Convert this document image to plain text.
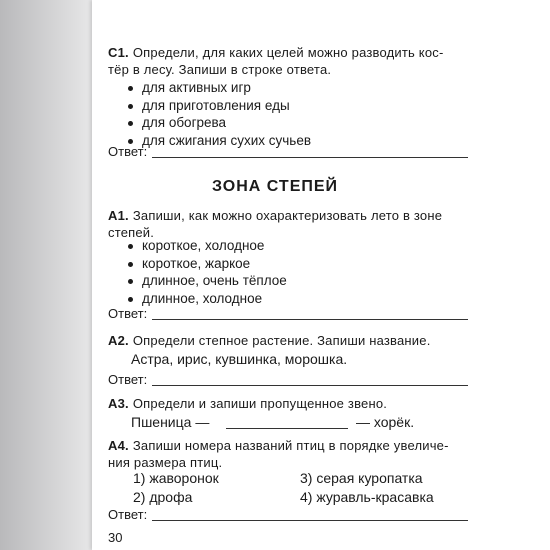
С1. Определи, для каких целей можно разводить кос-
тёр в лесу. Запиши в строке ответа.
для активных игр
для приготовления еды
для обогрева
для сжигания сухих сучьев
Ответ:
ЗОНА СТЕПЕЙ
А1. Запиши, как можно охарактеризовать лето в зоне
степей.
короткое, холодное
короткое, жаркое
длинное, очень тёплое
длинное, холодное
Ответ:
А2. Определи степное растение. Запиши название.
Астра, ирис, кувшинка, морошка.
Ответ:
А3. Определи и запиши пропущенное звено.
Пшеница —	— хорёк.
А4. Запиши номера названий птиц в порядке увеличе-
ния размера птиц.
1) жаворонок
2) дрофа
3) серая куропатка
4) журавль-красавка
Ответ:
30
